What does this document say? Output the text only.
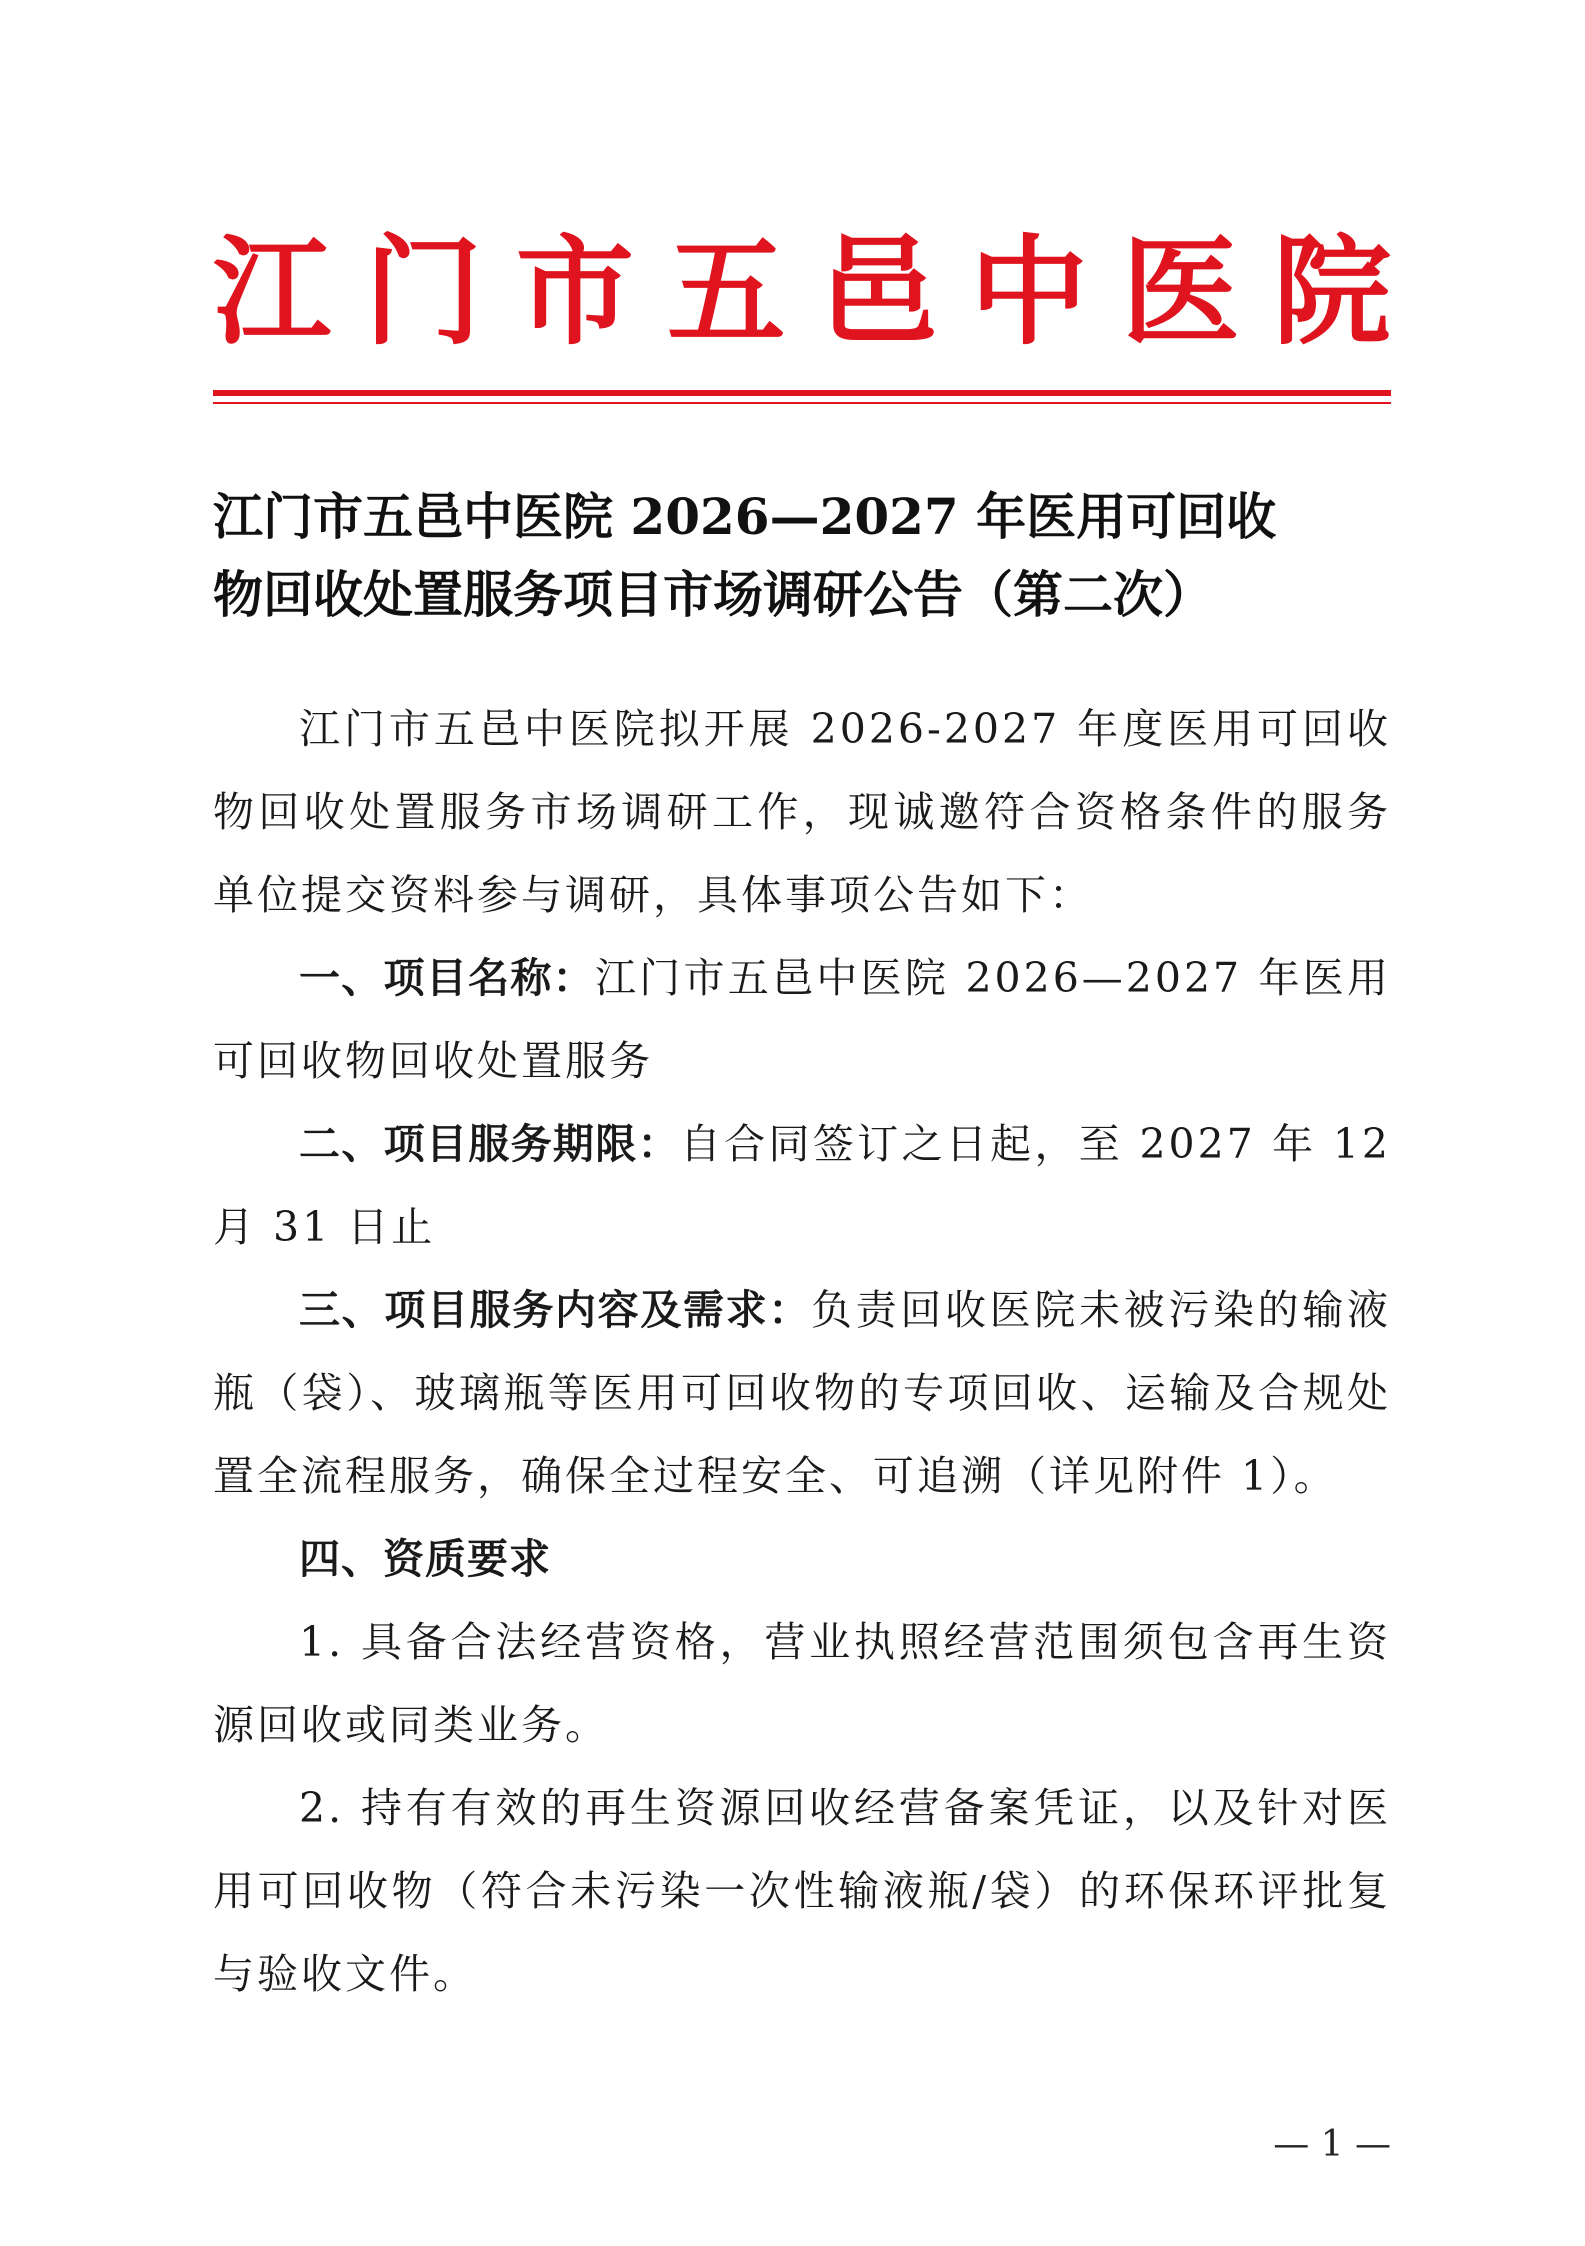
江 门 市 五 邑 中 医 院
江门市五邑中医院 2026—2027 年医用可回收
物回收处置服务项目市场调研公告（第二次）

江门市五邑中医院拟开展 2026-2027 年度医用可回收物回收处置服务市场调研工作，现诚邀符合资格条件的服务单位提交资料参与调研，具体事项公告如下：

一、项目名称：江门市五邑中医院 2026—2027 年医用可回收物回收处置服务

二、项目服务期限：自合同签订之日起，至 2027 年 12 月 31 日止

三、项目服务内容及需求：负责回收医院未被污染的输液瓶（袋）、玻璃瓶等医用可回收物的专项回收、运输及合规处置全流程服务，确保全过程安全、可追溯（详见附件 1）。

四、资质要求

1. 具备合法经营资格，营业执照经营范围须包含再生资源回收或同类业务。

2. 持有有效的再生资源回收经营备案凭证，以及针对医用可回收物（符合未污染一次性输液瓶/袋）的环保环评批复与验收文件。

— 1 —
